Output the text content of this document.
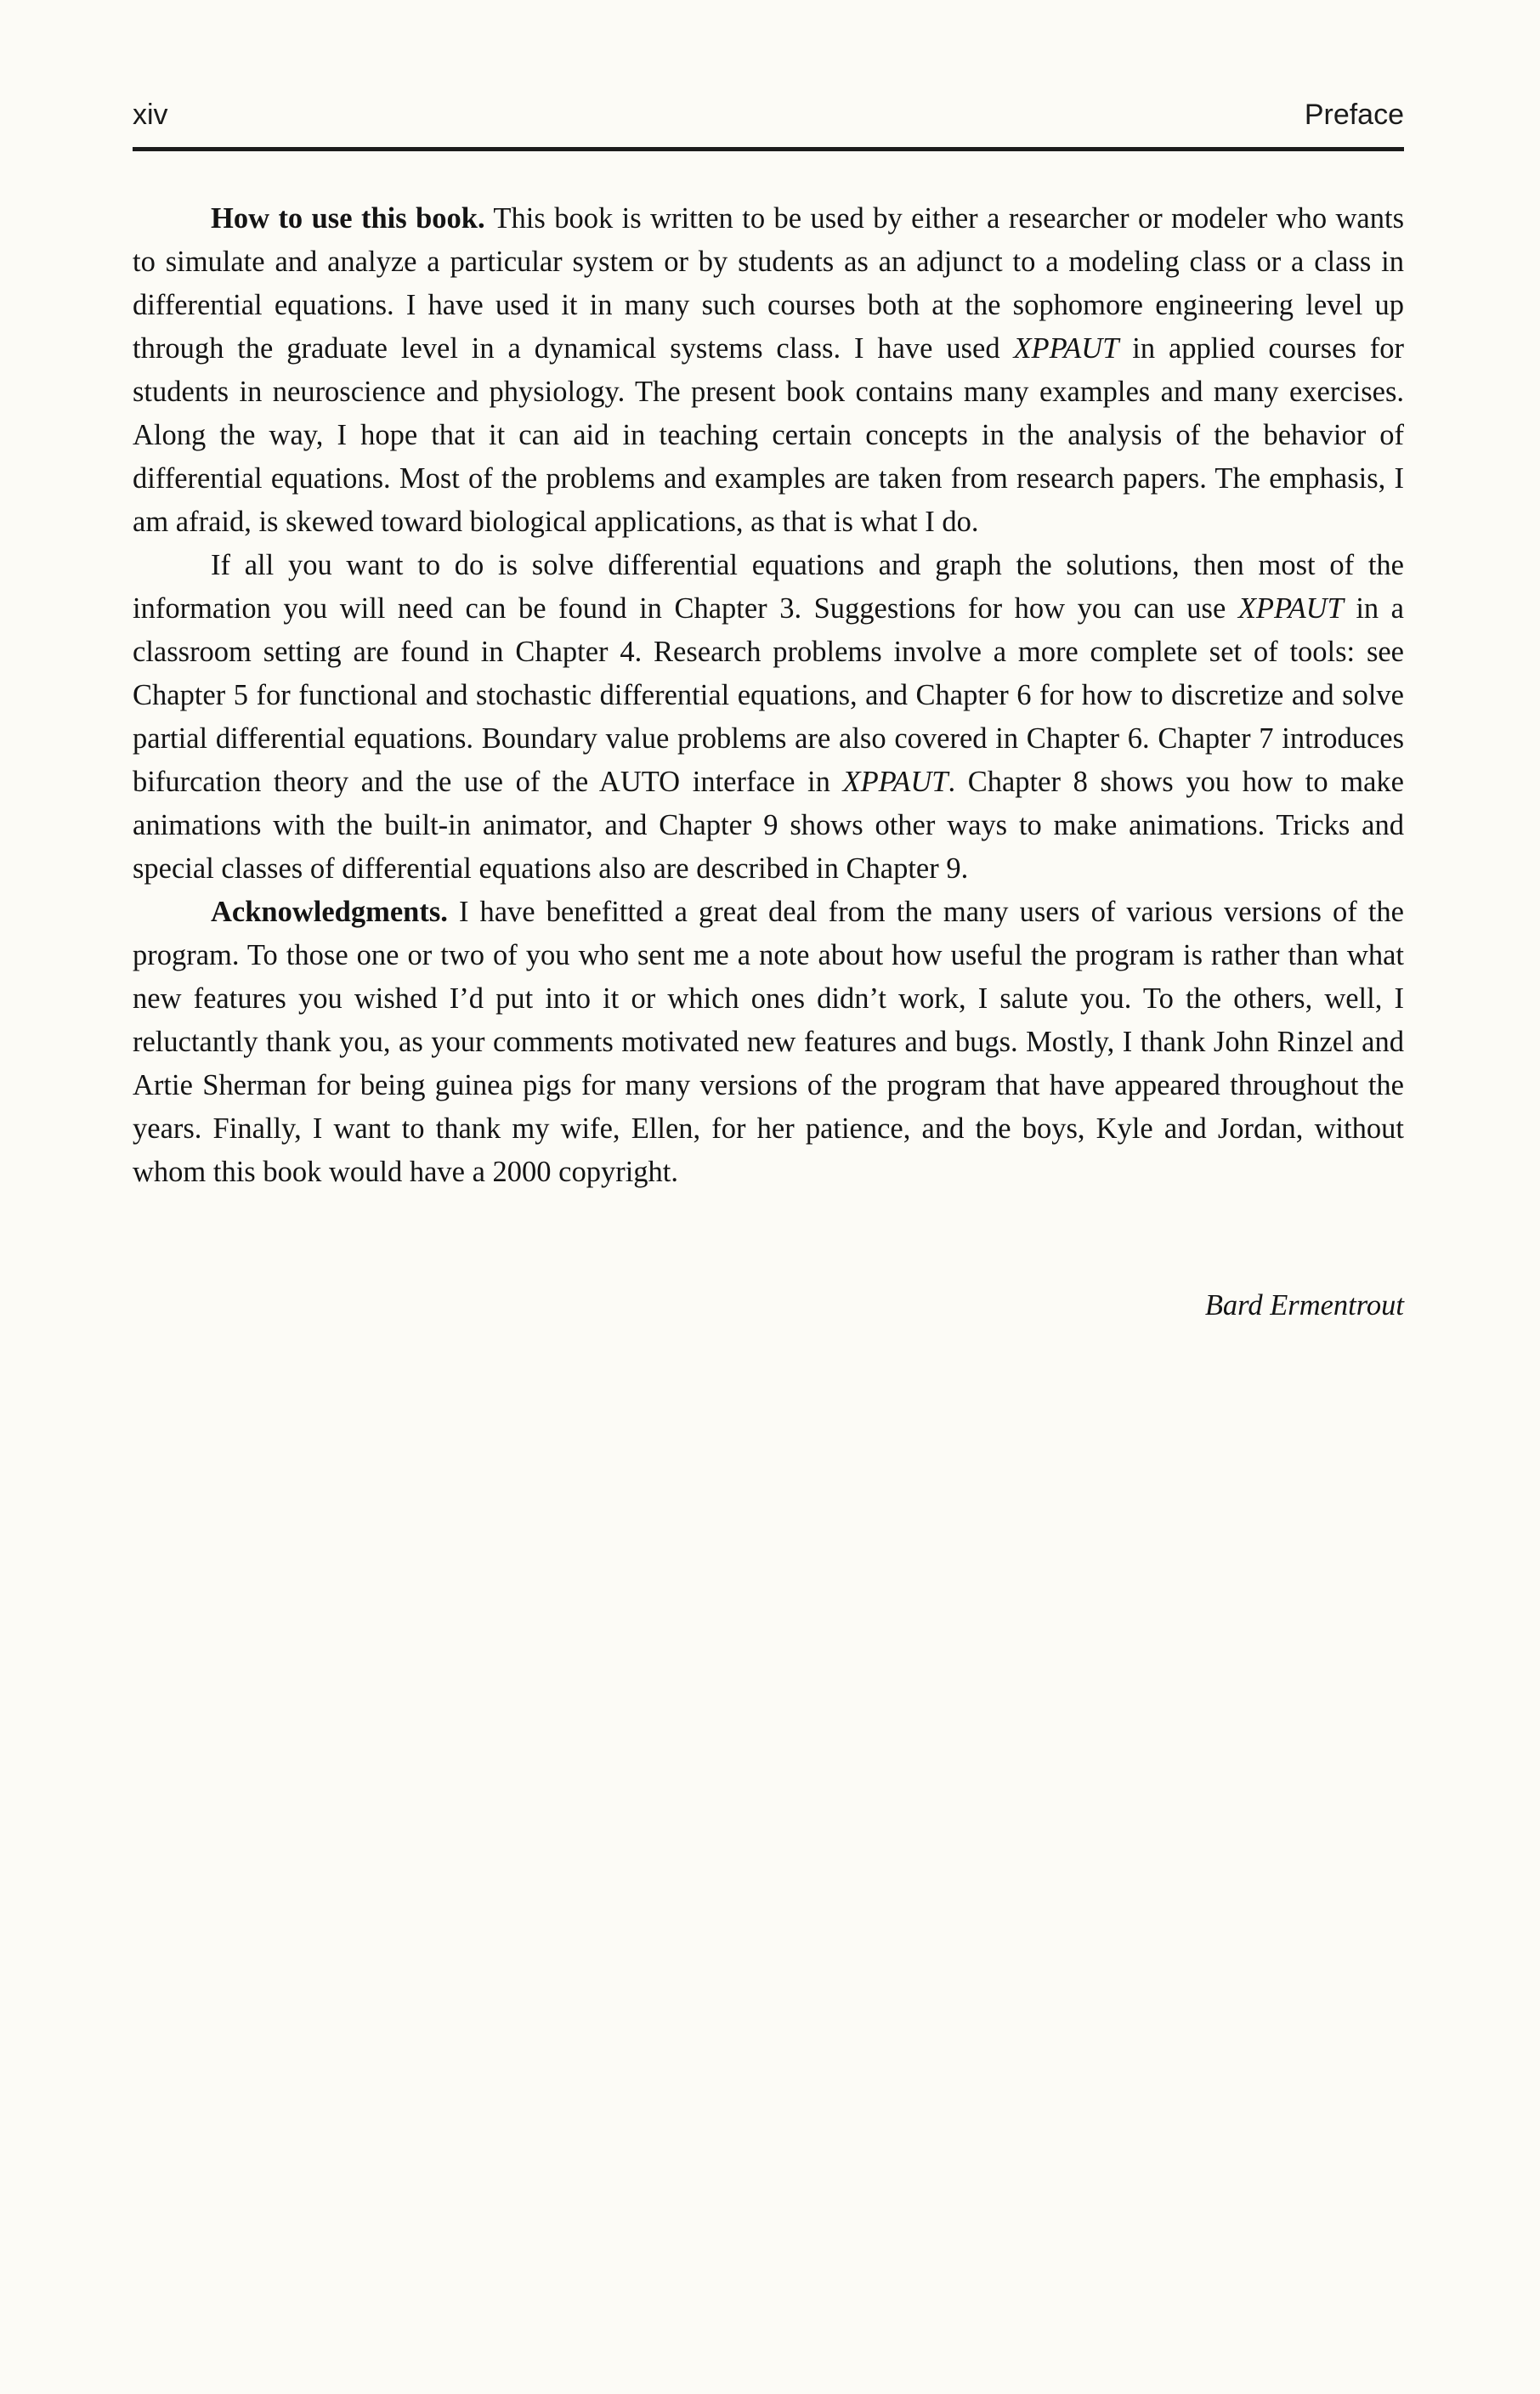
xiv	Preface

How to use this book. This book is written to be used by either a researcher or modeler who wants to simulate and analyze a particular system or by students as an adjunct to a modeling class or a class in differential equations. I have used it in many such courses both at the sophomore engineering level up through the graduate level in a dynamical systems class. I have used XPPAUT in applied courses for students in neuroscience and physiology. The present book contains many examples and many exercises. Along the way, I hope that it can aid in teaching certain concepts in the analysis of the behavior of differential equations. Most of the problems and examples are taken from research papers. The emphasis, I am afraid, is skewed toward biological applications, as that is what I do.

If all you want to do is solve differential equations and graph the solutions, then most of the information you will need can be found in Chapter 3. Suggestions for how you can use XPPAUT in a classroom setting are found in Chapter 4. Research problems involve a more complete set of tools: see Chapter 5 for functional and stochastic differential equations, and Chapter 6 for how to discretize and solve partial differential equations. Boundary value problems are also covered in Chapter 6. Chapter 7 introduces bifurcation theory and the use of the AUTO interface in XPPAUT. Chapter 8 shows you how to make animations with the built-in animator, and Chapter 9 shows other ways to make animations. Tricks and special classes of differential equations also are described in Chapter 9.

Acknowledgments. I have benefitted a great deal from the many users of various versions of the program. To those one or two of you who sent me a note about how useful the program is rather than what new features you wished I’d put into it or which ones didn’t work, I salute you. To the others, well, I reluctantly thank you, as your comments motivated new features and bugs. Mostly, I thank John Rinzel and Artie Sherman for being guinea pigs for many versions of the program that have appeared throughout the years. Finally, I want to thank my wife, Ellen, for her patience, and the boys, Kyle and Jordan, without whom this book would have a 2000 copyright.

Bard Ermentrout
